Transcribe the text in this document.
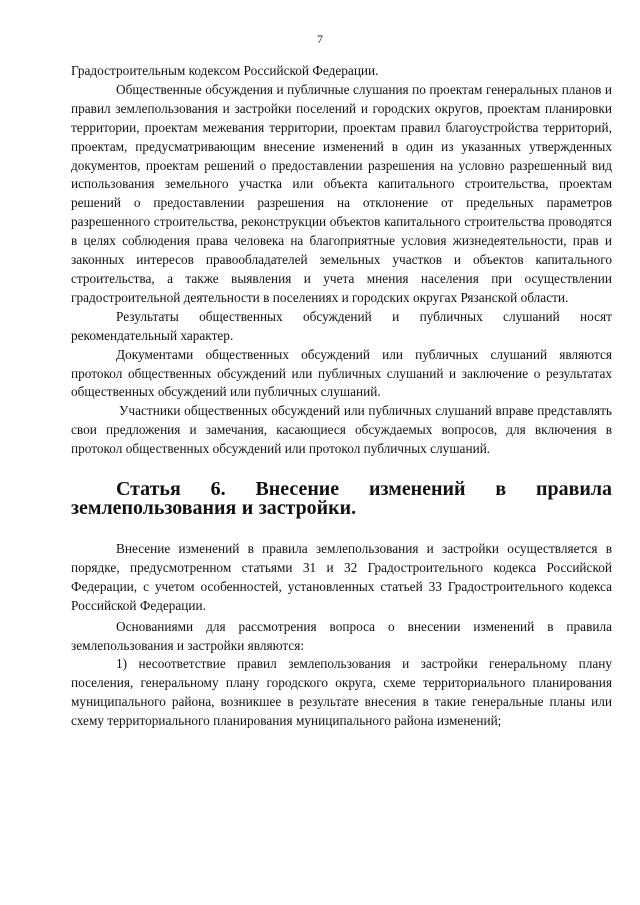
7

Градостроительным кодексом Российской Федерации.

Общественные обсуждения и публичные слушания по проектам генеральных планов и правил землепользования и застройки поселений и городских округов, проектам планировки территории, проектам межевания территории, проектам правил благоустройства территорий, проектам, предусматривающим внесение изменений в один из указанных утвержденных документов, проектам решений о предоставлении разрешения на условно разрешенный вид использования земельного участка или объекта капитального строительства, проектам решений о предоставлении разрешения на отклонение от предельных параметров разрешенного строительства, реконструкции объектов капитального строительства проводятся в целях соблюдения права человека на благоприятные условия жизнедеятельности, прав и законных интересов правообладателей земельных участков и объектов капитального строительства, а также выявления и учета мнения населения при осуществлении градостроительной деятельности в поселениях и городских округах Рязанской области.

Результаты общественных обсуждений и публичных слушаний носят рекомендательный характер.

Документами общественных обсуждений или публичных слушаний являются протокол общественных обсуждений или публичных слушаний и заключение о результатах общественных обсуждений или публичных слушаний.

Участники общественных обсуждений или публичных слушаний вправе представлять свои предложения и замечания, касающиеся обсуждаемых вопросов, для включения в протокол общественных обсуждений или протокол публичных слушаний.

Статья 6. Внесение изменений в правила землепользования и застройки.

Внесение изменений в правила землепользования и застройки осуществляется в порядке, предусмотренном статьями 31 и 32 Градостроительного кодекса Российской Федерации, с учетом особенностей, установленных статьей 33 Градостроительного кодекса Российской Федерации.

Основаниями для рассмотрения вопроса о внесении изменений в правила землепользования и застройки являются:

1) несоответствие правил землепользования и застройки генеральному плану поселения, генеральному плану городского округа, схеме территориального планирования муниципального района, возникшее в результате внесения в такие генеральные планы или схему территориального планирования муниципального района изменений;
